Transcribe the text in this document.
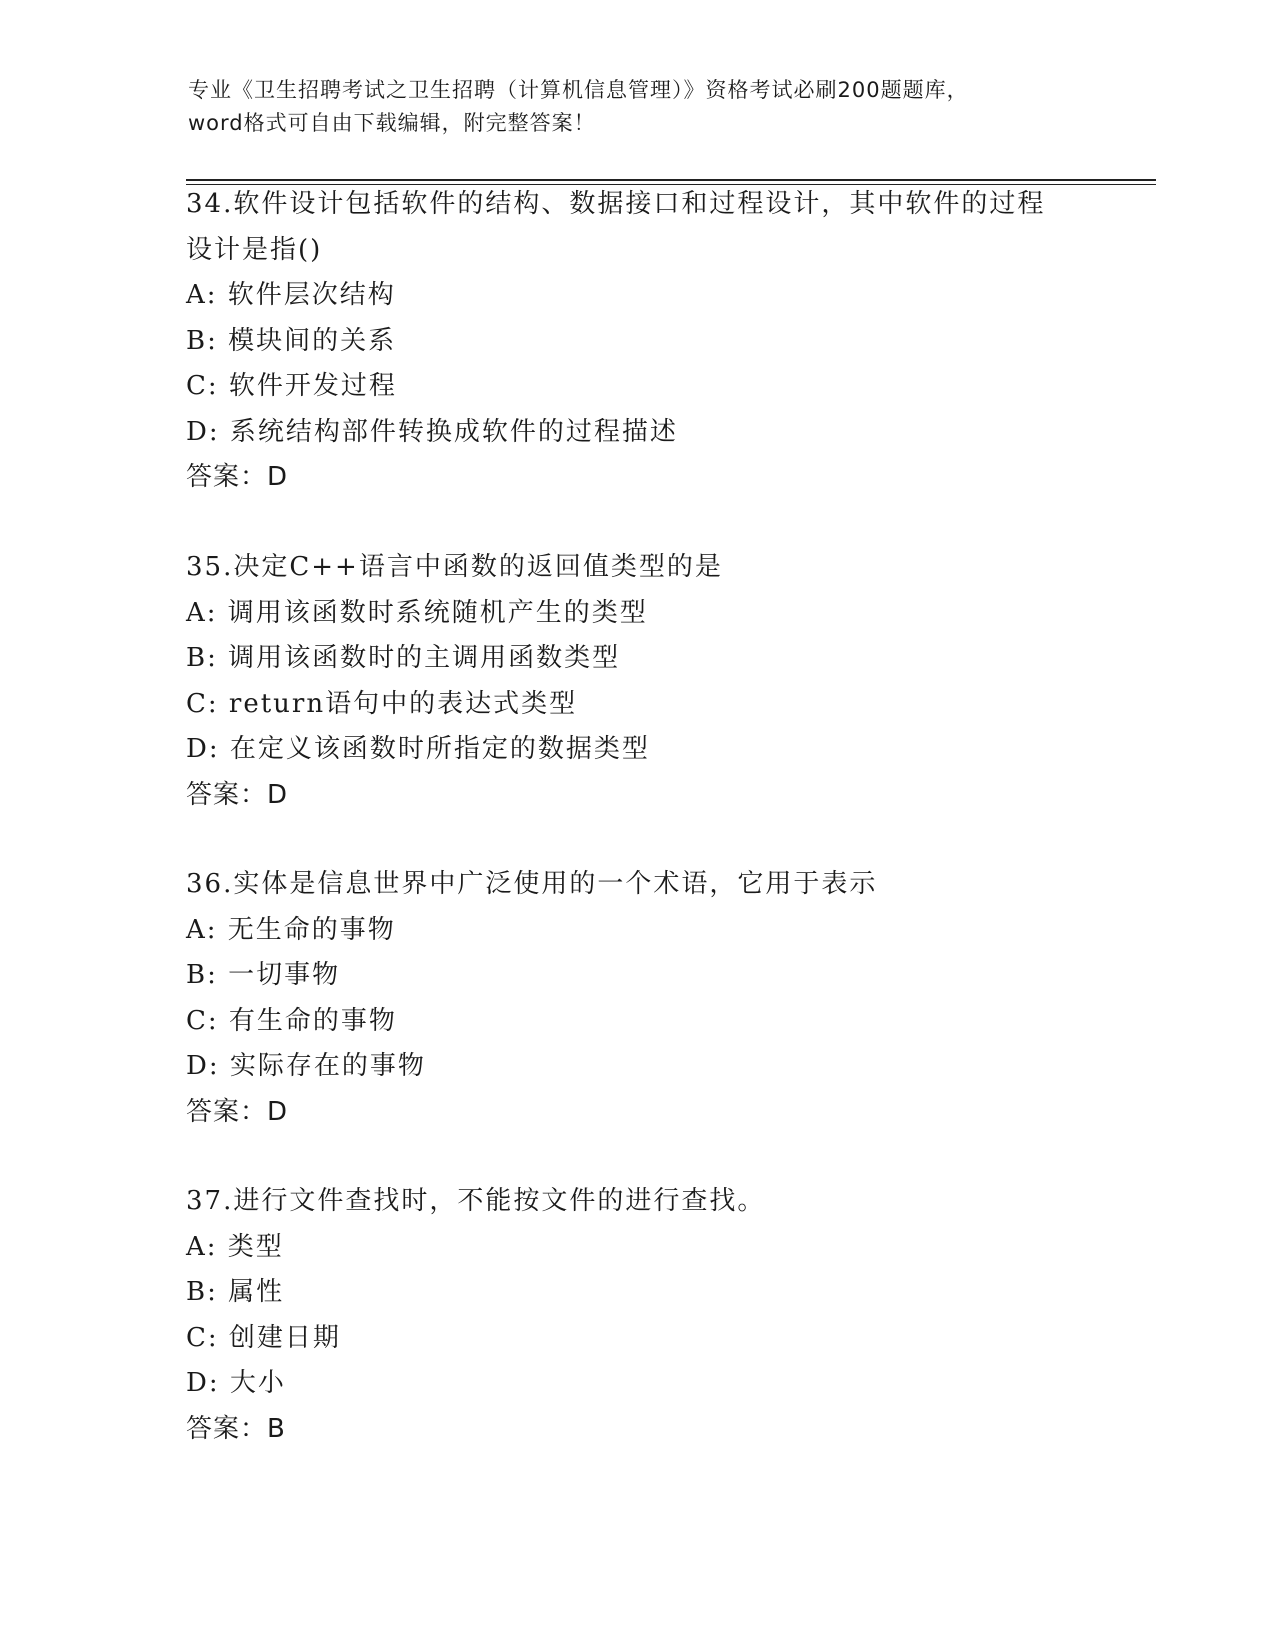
专业《卫生招聘考试之卫生招聘（计算机信息管理）》资格考试必刷200题题库，
word格式可自由下载编辑，附完整答案！
34.软件设计包括软件的结构、数据接口和过程设计，其中软件的过程
设计是指()
A: 软件层次结构
B: 模块间的关系
C: 软件开发过程
D: 系统结构部件转换成软件的过程描述
答案：D
35.决定C++语言中函数的返回值类型的是
A: 调用该函数时系统随机产生的类型
B: 调用该函数时的主调用函数类型
C: return语句中的表达式类型
D: 在定义该函数时所指定的数据类型
答案：D
36.实体是信息世界中广泛使用的一个术语，它用于表示
A: 无生命的事物
B: 一切事物
C: 有生命的事物
D: 实际存在的事物
答案：D
37.进行文件查找时，不能按文件的进行查找。
A: 类型
B: 属性
C: 创建日期
D: 大小
答案：B
